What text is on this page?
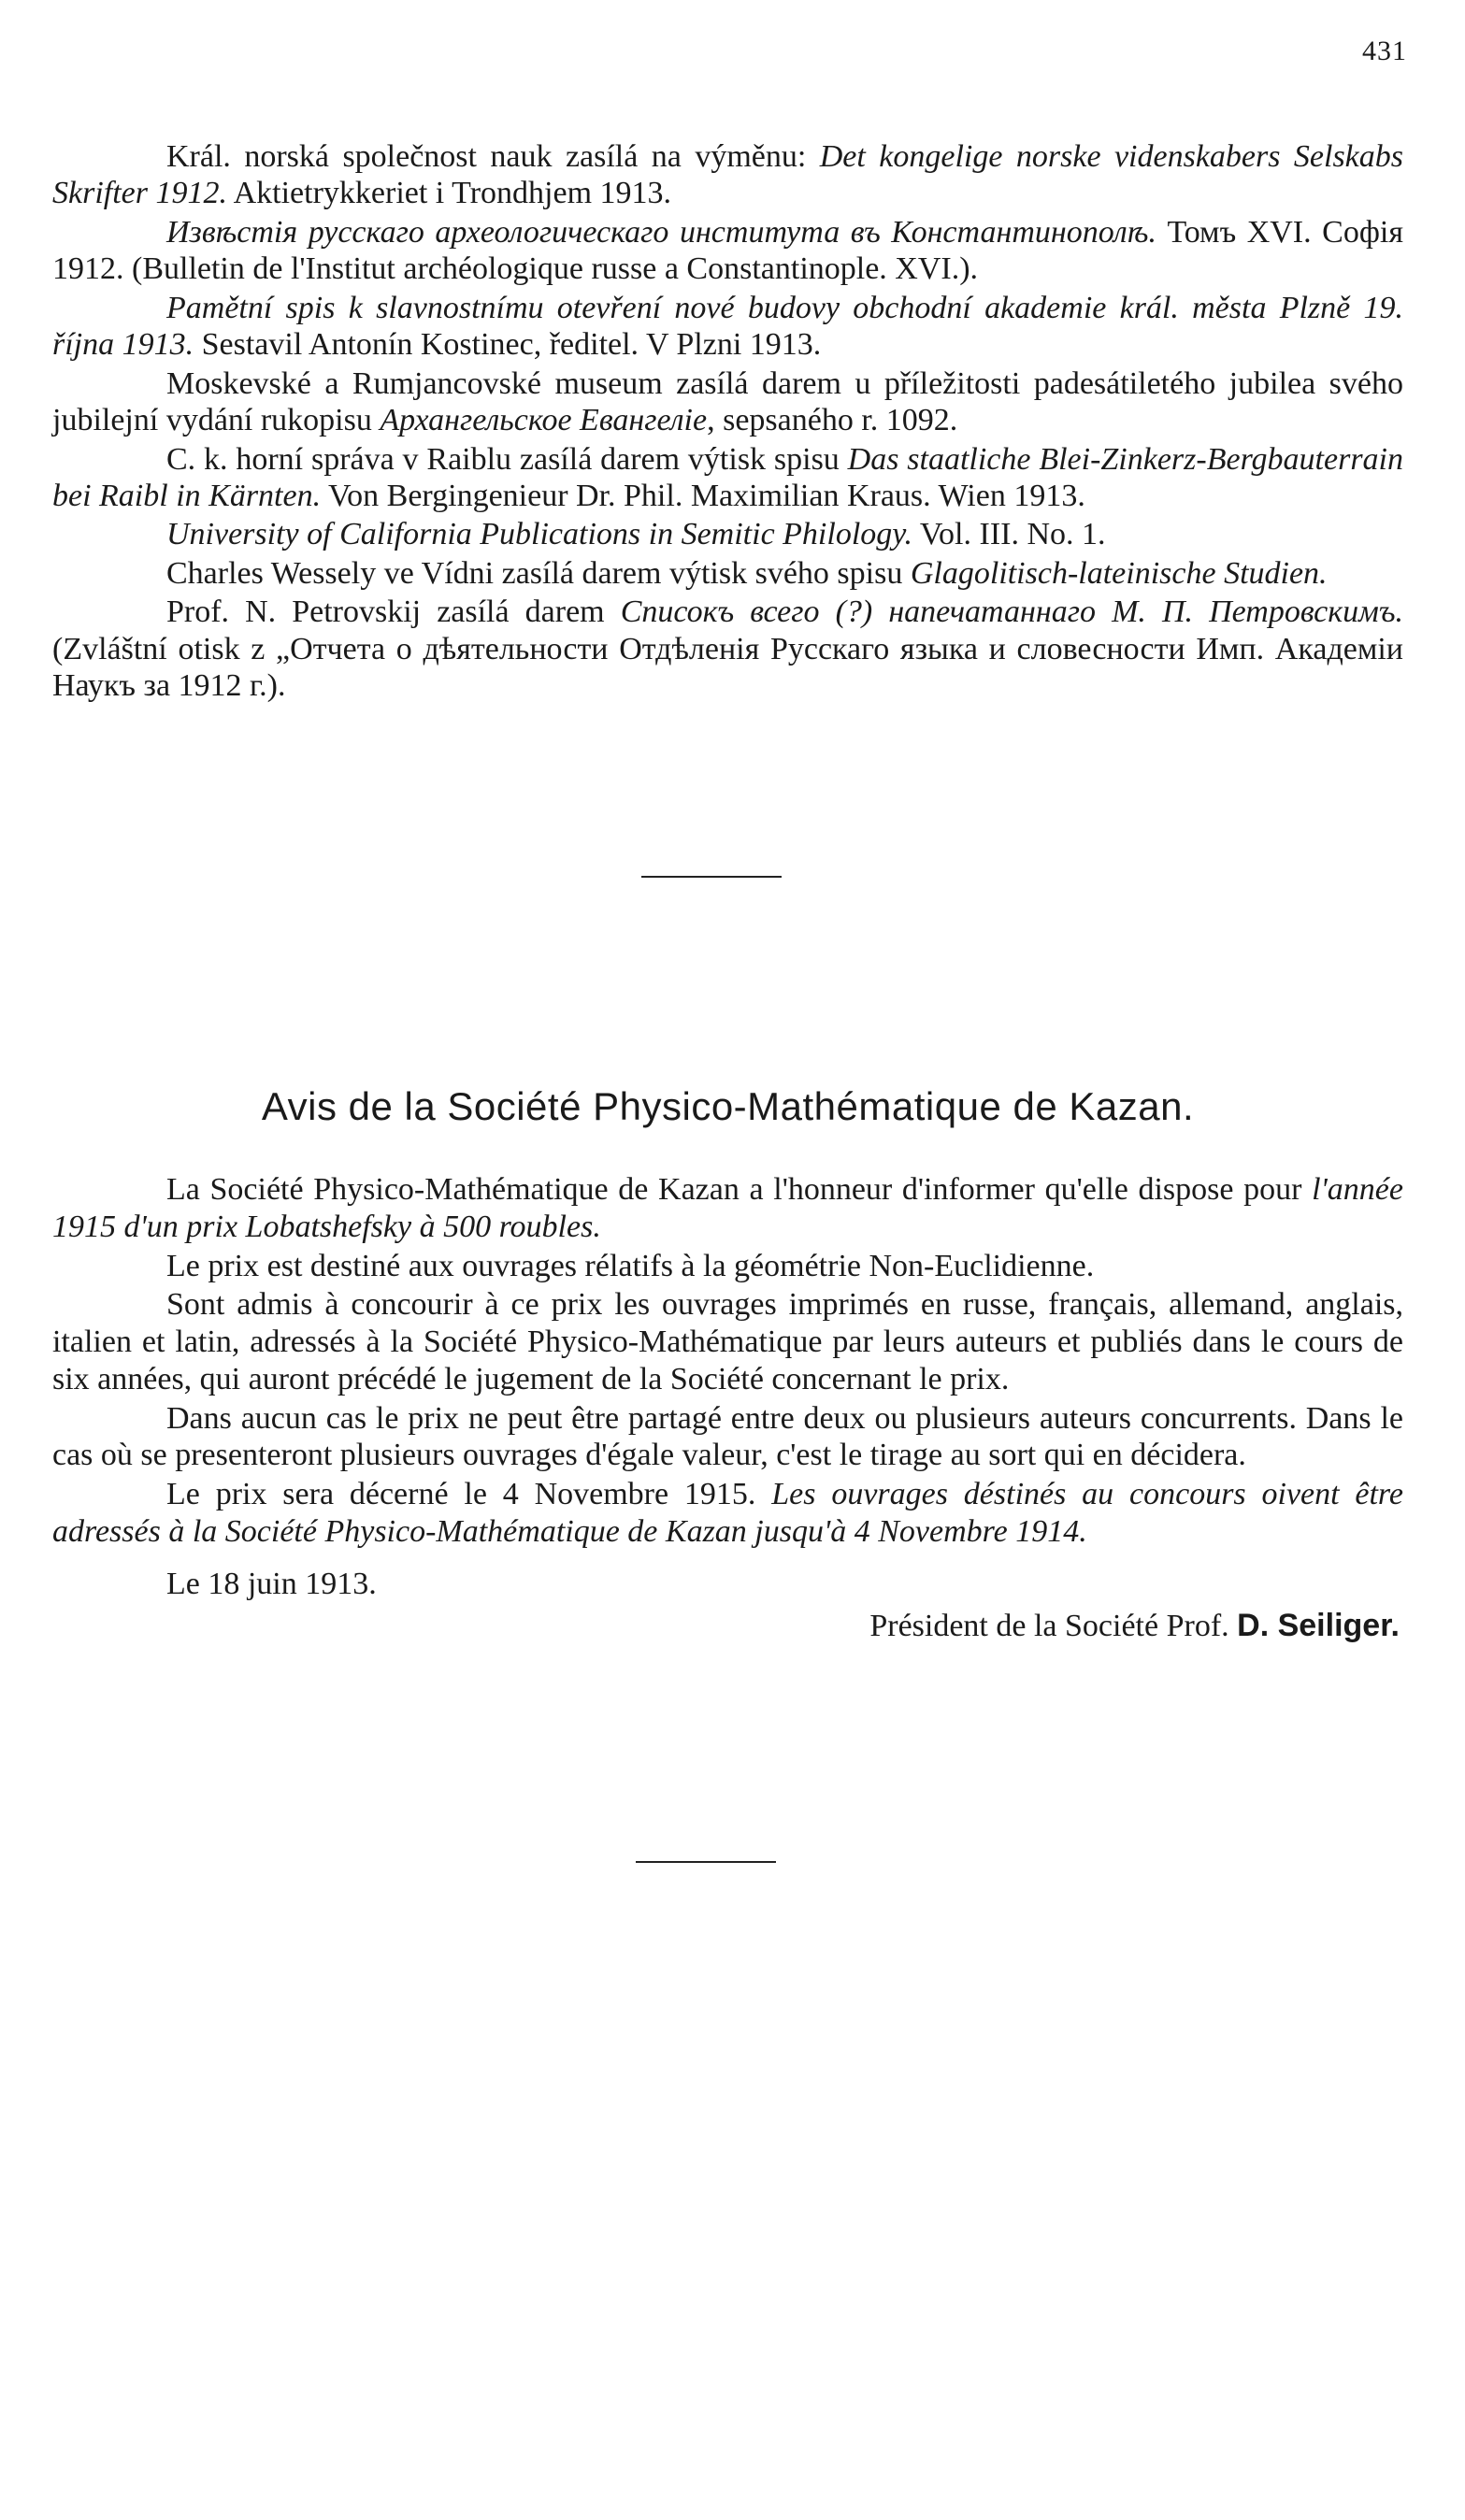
431

Král. norská společnost nauk zasílá na výměnu: Det kongelige norske videnskabers Selskabs Skrifter 1912. Aktietrykkeriet i Trondhjem 1913.

Извѣстія русскаго археологическаго института въ Константинополѣ. Томъ XVI. Софія 1912. (Bulletin de l'Institut archéologique russe a Constantinople. XVI.).

Pamětní spis k slavnostnímu otevření nové budovy obchodní akademie král. města Plzně 19. října 1913. Sestavil Antonín Kostinec, ředitel. V Plzni 1913.

Moskevské a Rumjancovské museum zasílá darem u příležitosti padesátiletého jubilea svého jubilejní vydání rukopisu Архангельское Евангеліе, sepsaného r. 1092.

C. k. horní správa v Raiblu zasílá darem výtisk spisu Das staatliche Blei-Zinkerz-Bergbauterrain bei Raibl in Kärnten. Von Bergingenieur Dr. Phil. Maximilian Kraus. Wien 1913.

University of California Publications in Semitic Philology. Vol. III. No. 1.

Charles Wessely ve Vídni zasílá darem výtisk svého spisu Glagolitisch-lateinische Studien.

Prof. N. Petrovskij zasílá darem Списокъ всего (?) напечатаннаго М. П. Петровскимъ. (Zvláštní otisk z „Отчета о дѣятельности Отдѣленія Русскаго языка и словесности Имп. Академіи Наукъ за 1912 г.).

Avis de la Société Physico-Mathématique de Kazan.

La Société Physico-Mathématique de Kazan a l'honneur d'informer qu'elle dispose pour l'année 1915 d'un prix Lobatshefsky à 500 roubles.

Le prix est destiné aux ouvrages rélatifs à la géométrie Non-Euclidienne.

Sont admis à concourir à ce prix les ouvrages imprimés en russe, français, allemand, anglais, italien et latin, adressés à la Société Physico-Mathématique par leurs auteurs et publiés dans le cours de six années, qui auront précédé le jugement de la Société concernant le prix.

Dans aucun cas le prix ne peut être partagé entre deux ou plusieurs auteurs concurrents. Dans le cas où se presenteront plusieurs ouvrages d'égale valeur, c'est le tirage au sort qui en décidera.

Le prix sera décerné le 4 Novembre 1915. Les ouvrages déstinés au concours oivent être adressés à la Société Physico-Mathématique de Kazan jusqu'à 4 Novembre 1914.

Le 18 juin 1913.

Président de la Société Prof. D. Seiliger.
